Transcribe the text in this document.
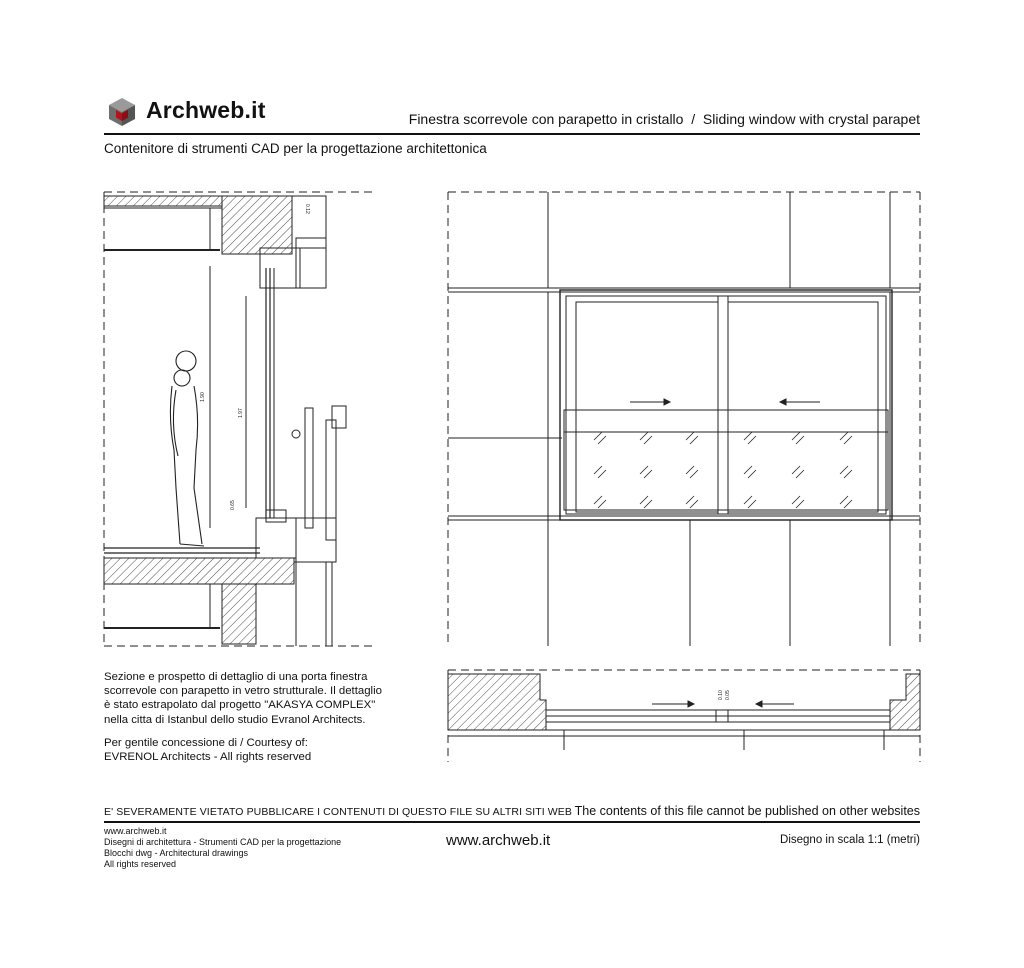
Archweb.it	Finestra scorrevole con parapetto in cristallo  /  Sliding window with crystal parapet
Contenitore di strumenti CAD per la progettazione architettonica
1.90
1.97
0.12
0.65
0.10 0.05
Sezione e prospetto di dettaglio di una porta finestra
scorrevole con parapetto in vetro strutturale. Il dettaglio
è stato estrapolato dal progetto "AKASYA COMPLEX"
nella citta di Istanbul dello studio Evranol Architects.
Per gentile concessione di / Courtesy of:
EVRENOL Architects - All rights reserved
E' SEVERAMENTE VIETATO PUBBLICARE I CONTENUTI DI QUESTO FILE SU ALTRI SITI WEB The contents of this file cannot be published on other websites
www.archweb.it
Disegni di architettura - Strumenti CAD per la progettazione
Blocchi dwg - Architectural drawings
All rights reserved
www.archweb.it	Disegno in scala 1:1 (metri)
